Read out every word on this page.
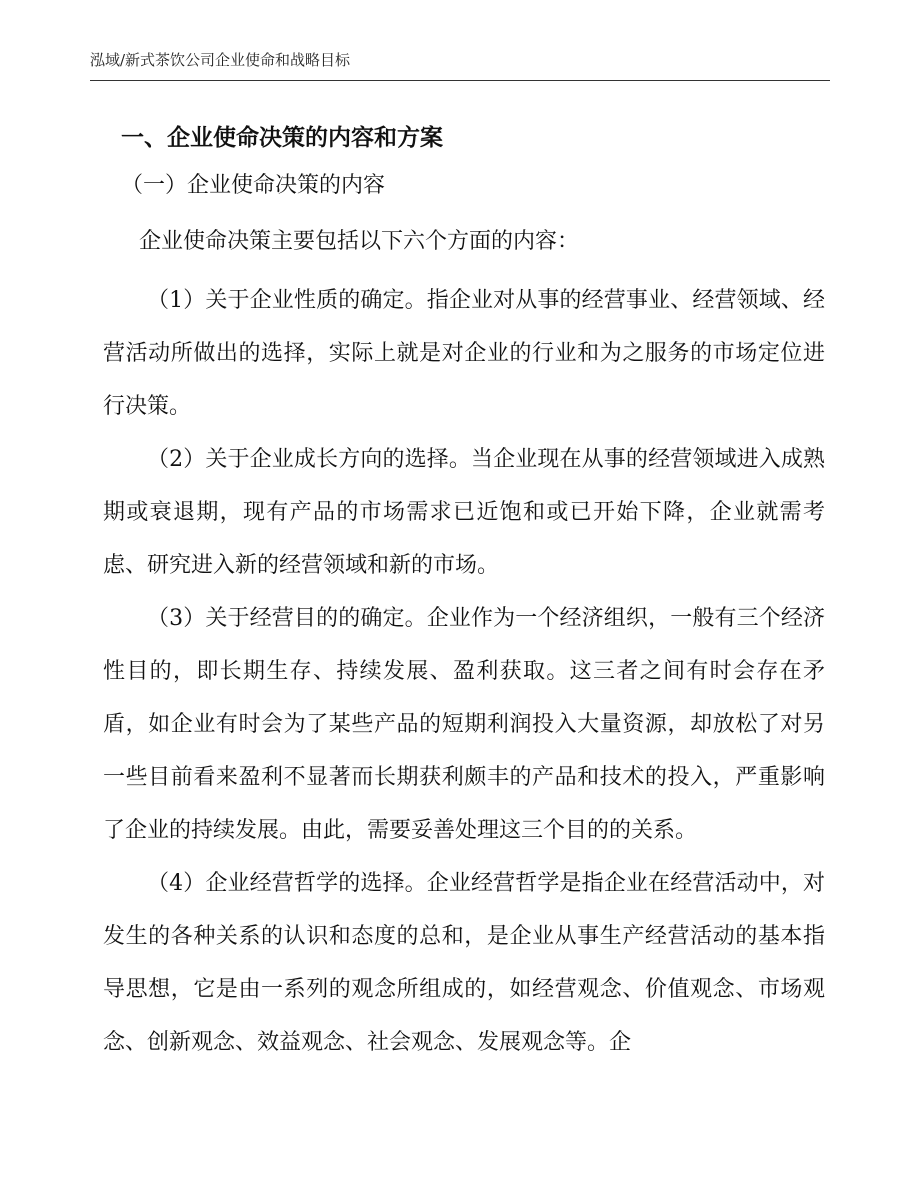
泓域/新式茶饮公司企业使命和战略目标
一、企业使命决策的内容和方案
（一）企业使命决策的内容
企业使命决策主要包括以下六个方面的内容：

（1）关于企业性质的确定。指企业对从事的经营事业、经营领域、经营活动所做出的选择，实际上就是对企业的行业和为之服务的市场定位进行决策。

（2）关于企业成长方向的选择。当企业现在从事的经营领域进入成熟期或衰退期，现有产品的市场需求已近饱和或已开始下降，企业就需考虑、研究进入新的经营领域和新的市场。

（3）关于经营目的的确定。企业作为一个经济组织，一般有三个经济性目的，即长期生存、持续发展、盈利获取。这三者之间有时会存在矛盾，如企业有时会为了某些产品的短期利润投入大量资源，却放松了对另一些目前看来盈利不显著而长期获利颇丰的产品和技术的投入，严重影响了企业的持续发展。由此，需要妥善处理这三个目的的关系。

（4）企业经营哲学的选择。企业经营哲学是指企业在经营活动中，对发生的各种关系的认识和态度的总和，是企业从事生产经营活动的基本指导思想，它是由一系列的观念所组成的，如经营观念、价值观念、市场观念、创新观念、效益观念、社会观念、发展观念等。企
